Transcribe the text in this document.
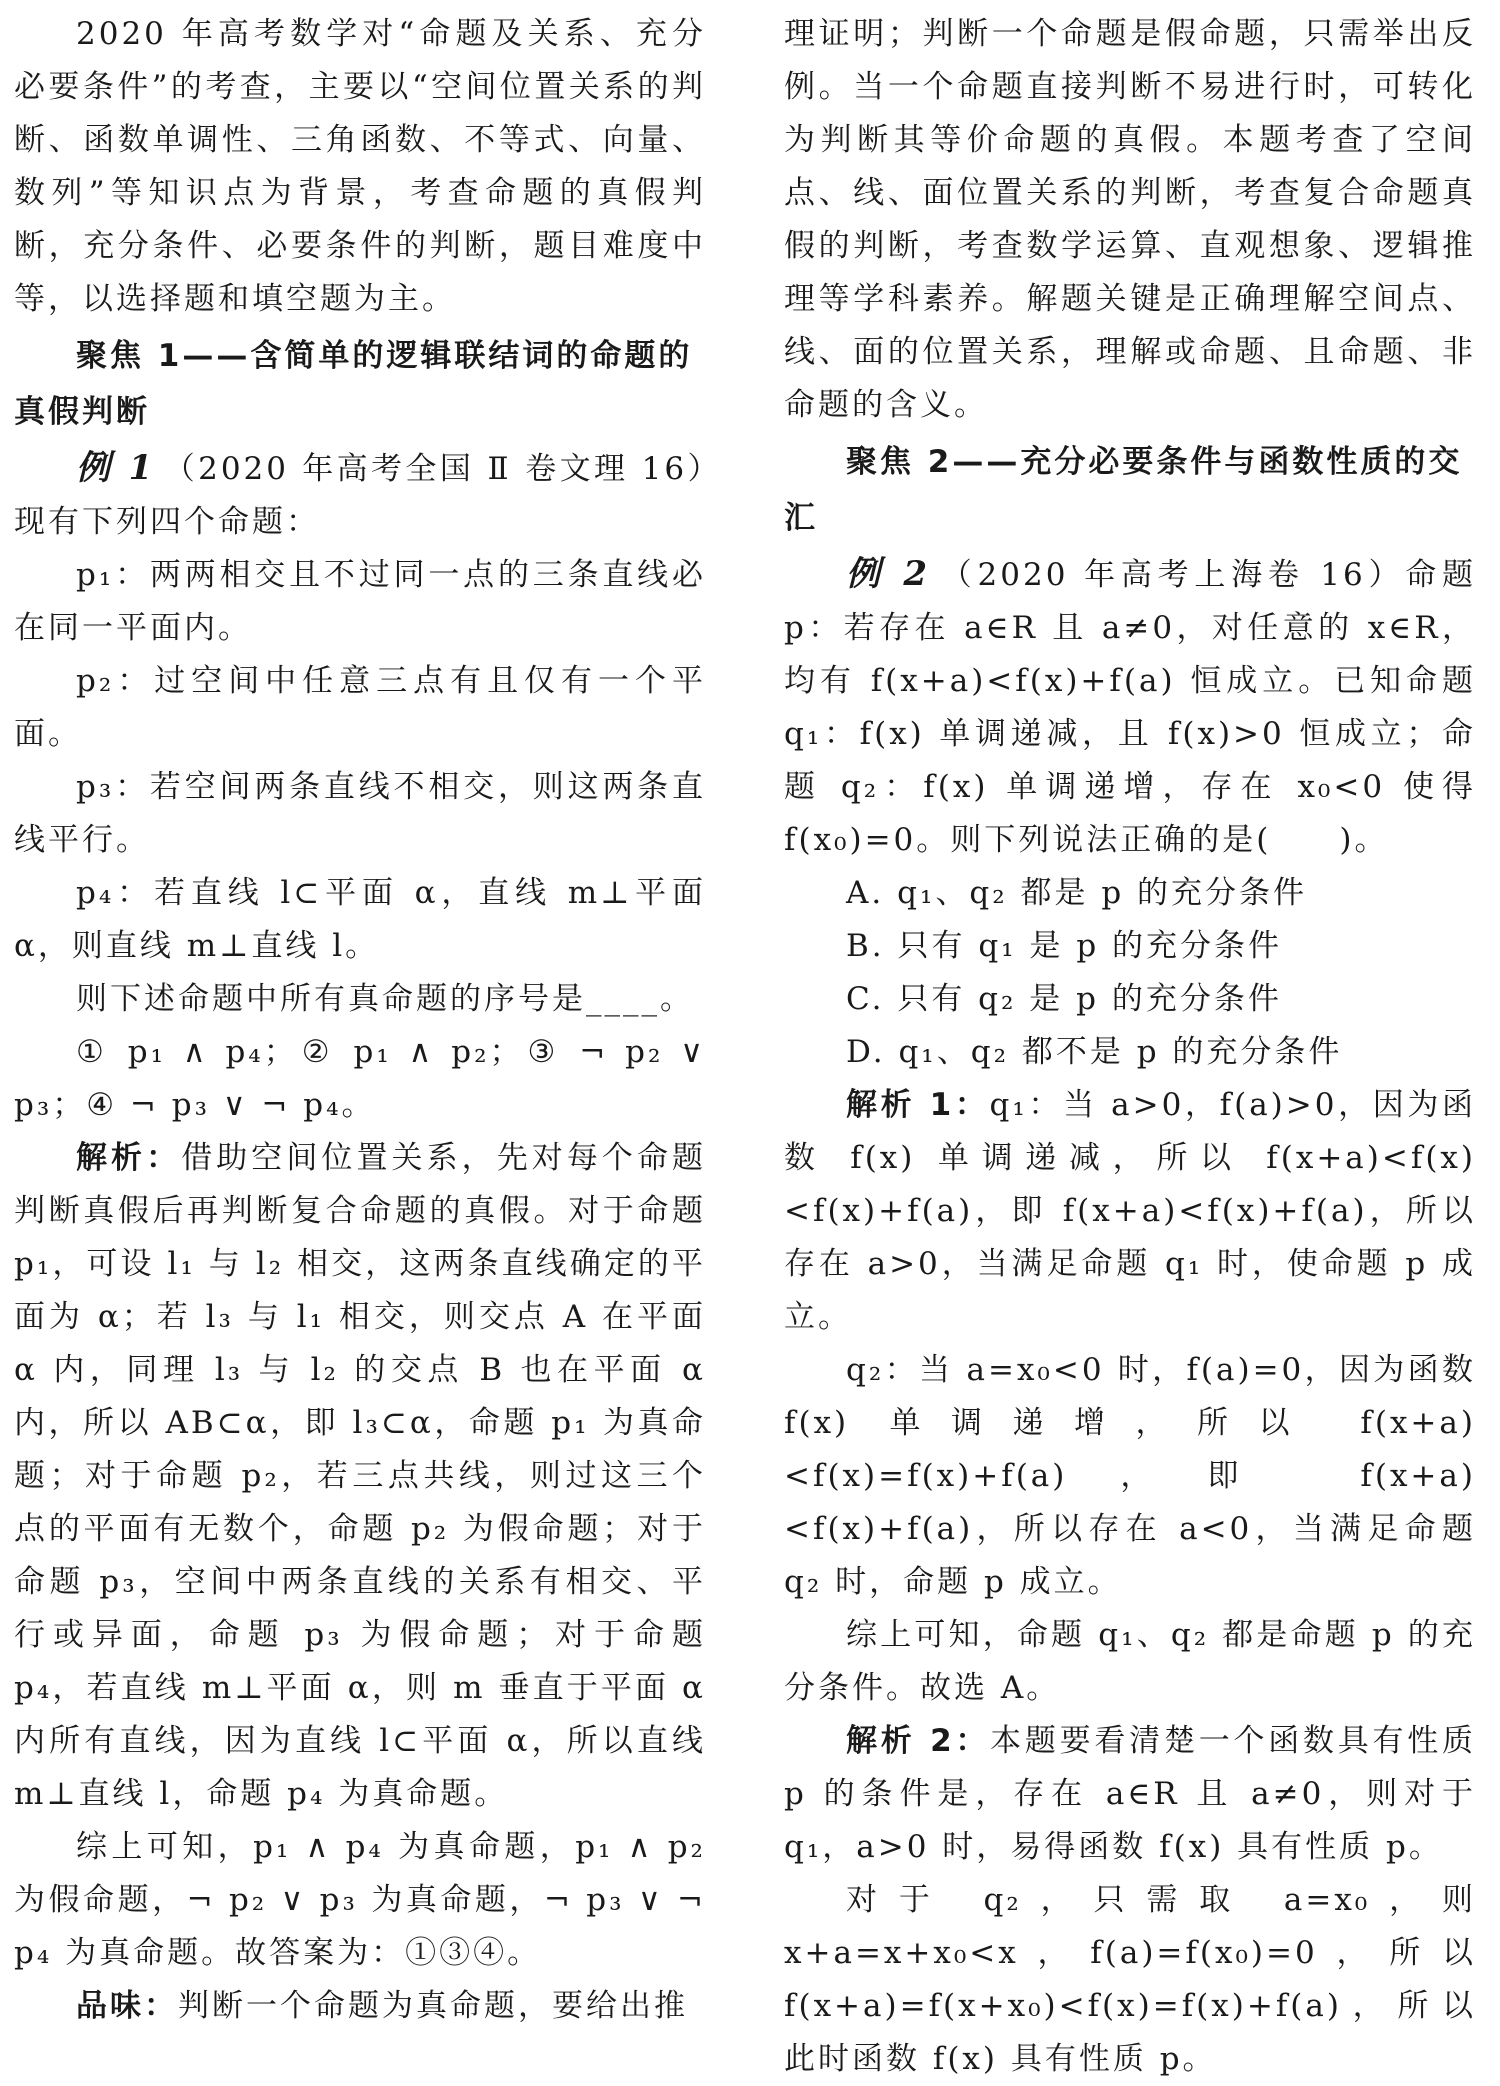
2020 年高考数学对“命题及关系、充分必要条件”的考查，主要以“空间位置关系的判断、函数单调性、三角函数、不等式、向量、数列”等知识点为背景，考查命题的真假判断，充分条件、必要条件的判断，题目难度中等，以选择题和填空题为主。

聚焦 1——含简单的逻辑联结词的命题的真假判断

例 1 （2020 年高考全国 Ⅱ 卷文理 16）现有下列四个命题：

p₁：两两相交且不过同一点的三条直线必在同一平面内。

p₂：过空间中任意三点有且仅有一个平面。

p₃：若空间两条直线不相交，则这两条直线平行。

p₄：若直线 l⊂平面 α，直线 m⊥平面 α，则直线 m⊥直线 l。

则下述命题中所有真命题的序号是____。

① p₁ ∧ p₄；② p₁ ∧ p₂；③ ¬ p₂ ∨ p₃；④ ¬ p₃ ∨ ¬ p₄。

解析：借助空间位置关系，先对每个命题判断真假后再判断复合命题的真假。对于命题 p₁，可设 l₁ 与 l₂ 相交，这两条直线确定的平面为 α；若 l₃ 与 l₁ 相交，则交点 A 在平面 α 内，同理 l₃ 与 l₂ 的交点 B 也在平面 α 内，所以 AB⊂α，即 l₃⊂α，命题 p₁ 为真命题；对于命题 p₂，若三点共线，则过这三个点的平面有无数个，命题 p₂ 为假命题；对于命题 p₃，空间中两条直线的关系有相交、平行或异面，命题 p₃ 为假命题；对于命题 p₄，若直线 m⊥平面 α，则 m 垂直于平面 α 内所有直线，因为直线 l⊂平面 α，所以直线 m⊥直线 l，命题 p₄ 为真命题。

综上可知，p₁ ∧ p₄ 为真命题，p₁ ∧ p₂ 为假命题，¬ p₂ ∨ p₃ 为真命题，¬ p₃ ∨ ¬ p₄ 为真命题。故答案为：①③④。

品味：判断一个命题为真命题，要给出推

理证明；判断一个命题是假命题，只需举出反例。当一个命题直接判断不易进行时，可转化为判断其等价命题的真假。本题考查了空间点、线、面位置关系的判断，考查复合命题真假的判断，考查数学运算、直观想象、逻辑推理等学科素养。解题关键是正确理解空间点、线、面的位置关系，理解或命题、且命题、非命题的含义。

聚焦 2——充分必要条件与函数性质的交汇

例 2 （2020 年高考上海卷 16）命题 p：若存在 a∈R 且 a≠0，对任意的 x∈R，均有 f(x+a)<f(x)+f(a) 恒成立。已知命题 q₁：f(x) 单调递减，且 f(x)>0 恒成立；命题 q₂：f(x) 单调递增，存在 x₀<0 使得 f(x₀)=0。则下列说法正确的是(　　)。

A. q₁、q₂ 都是 p 的充分条件

B. 只有 q₁ 是 p 的充分条件

C. 只有 q₂ 是 p 的充分条件

D. q₁、q₂ 都不是 p 的充分条件

解析 1：q₁：当 a>0，f(a)>0，因为函数 f(x) 单调递减，所以 f(x+a)<f(x)<f(x)+f(a)，即 f(x+a)<f(x)+f(a)，所以存在 a>0，当满足命题 q₁ 时，使命题 p 成立。

q₂：当 a=x₀<0 时，f(a)=0，因为函数 f(x) 单调递增，所以 f(x+a)<f(x)=f(x)+f(a)，即 f(x+a)<f(x)+f(a)，所以存在 a<0，当满足命题 q₂ 时，命题 p 成立。

综上可知，命题 q₁、q₂ 都是命题 p 的充分条件。故选 A。

解析 2：本题要看清楚一个函数具有性质 p 的条件是，存在 a∈R 且 a≠0，则对于 q₁，a>0 时，易得函数 f(x) 具有性质 p。

对于 q₂，只需取 a=x₀，则 x+a=x+x₀<x，f(a)=f(x₀)=0，所以 f(x+a)=f(x+x₀)<f(x)=f(x)+f(a)，所以此时函数 f(x) 具有性质 p。
